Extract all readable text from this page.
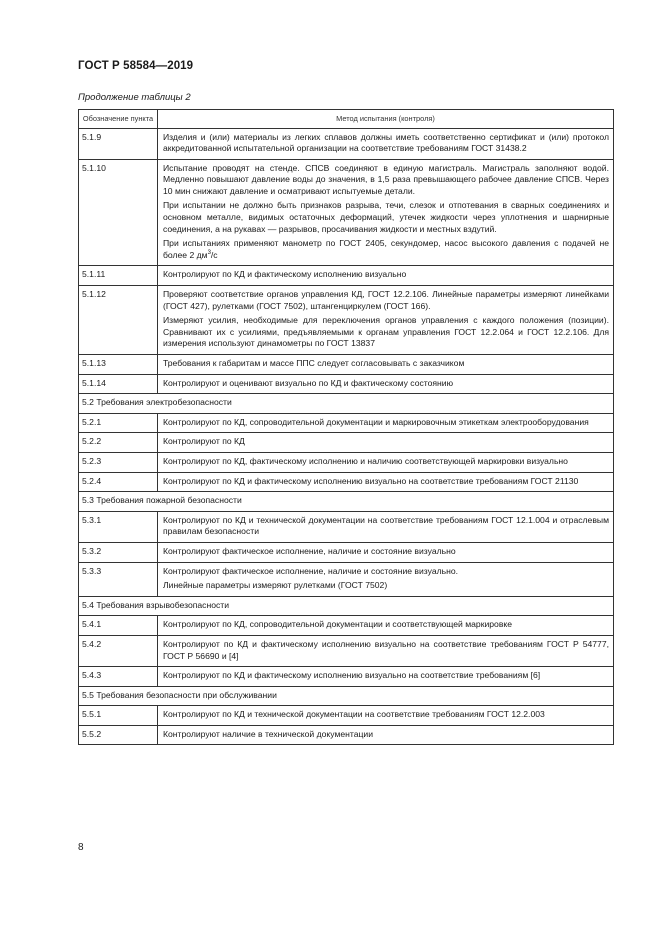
ГОСТ Р 58584—2019
Продолжение таблицы 2
Обозначение пункта	Метод испытания (контроля)
5.1.9	Изделия и (или) материалы из легких сплавов должны иметь соответственно сертификат и (или) протокол аккредитованной испытательной организации на соответствие требованиям ГОСТ 31438.2

5.1.10	Испытание проводят на стенде. СПСВ соединяют в единую магистраль. Магистраль заполняют водой. Медленно повышают давление воды до значения, в 1,5 раза превышающего рабочее давление СПСВ. Через 10 мин снижают давление и осматривают испытуемые детали.

При испытании не должно быть признаков разрыва, течи, слезок и отпотевания в сварных соединениях и основном металле, видимых остаточных деформаций, утечек жидкости через уплотнения и шарнирные соединения, а на рукавах — разрывов, просачивания жидкости и местных вздутий.

При испытаниях применяют манометр по ГОСТ 2405, секундомер, насос высокого давления с подачей не более 2 $дм^3/с$

5.1.11	Контролируют по КД и фактическому исполнению визуально

5.1.12	Проверяют соответствие органов управления КД, ГОСТ 12.2.106. Линейные параметры измеряют линейками (ГОСТ 427), рулетками (ГОСТ 7502), штангенциркулем (ГОСТ 166).

Измеряют усилия, необходимые для переключения органов управления с каждого положения (позиции). Сравнивают их с усилиями, предъявляемыми к органам управления ГОСТ 12.2.064 и ГОСТ 12.2.106. Для измерения используют динамометры по ГОСТ 13837

5.1.13	Требования к габаритам и массе ППС следует согласовывать с заказчиком

5.1.14	Контролируют и оценивают визуально по КД и фактическому состоянию

5.2 Требования электробезопасности	
5.2.1	Контролируют по КД, сопроводительной документации и маркировочным этикеткам электрооборудования

5.2.2	Контролируют по КД

5.2.3	Контролируют по КД, фактическому исполнению и наличию соответствующей маркировки визуально

5.2.4	Контролируют по КД и фактическому исполнению визуально на соответствие требованиям ГОСТ 21130

5.3 Требования пожарной безопасности	
5.3.1	Контролируют по КД и технической документации на соответствие требованиям ГОСТ 12.1.004 и отраслевым правилам безопасности

5.3.2	Контролируют фактическое исполнение, наличие и состояние визуально

5.3.3	Контролируют фактическое исполнение, наличие и состояние визуально.

Линейные параметры измеряют рулетками (ГОСТ 7502)

5.4 Требования взрывобезопасности	
5.4.1	Контролируют по КД, сопроводительной документации и соответствующей маркировке

5.4.2	Контролируют по КД и фактическому исполнению визуально на соответствие требованиям ГОСТ Р 54777, ГОСТ Р 56690 и [4]

5.4.3	Контролируют по КД и фактическому исполнению визуально на соответствие требованиям [6]

5.5 Требования безопасности при обслуживании	
5.5.1	Контролируют по КД и технической документации на соответствие требованиям ГОСТ 12.2.003

5.5.2	Контролируют наличие в технической документации

8
